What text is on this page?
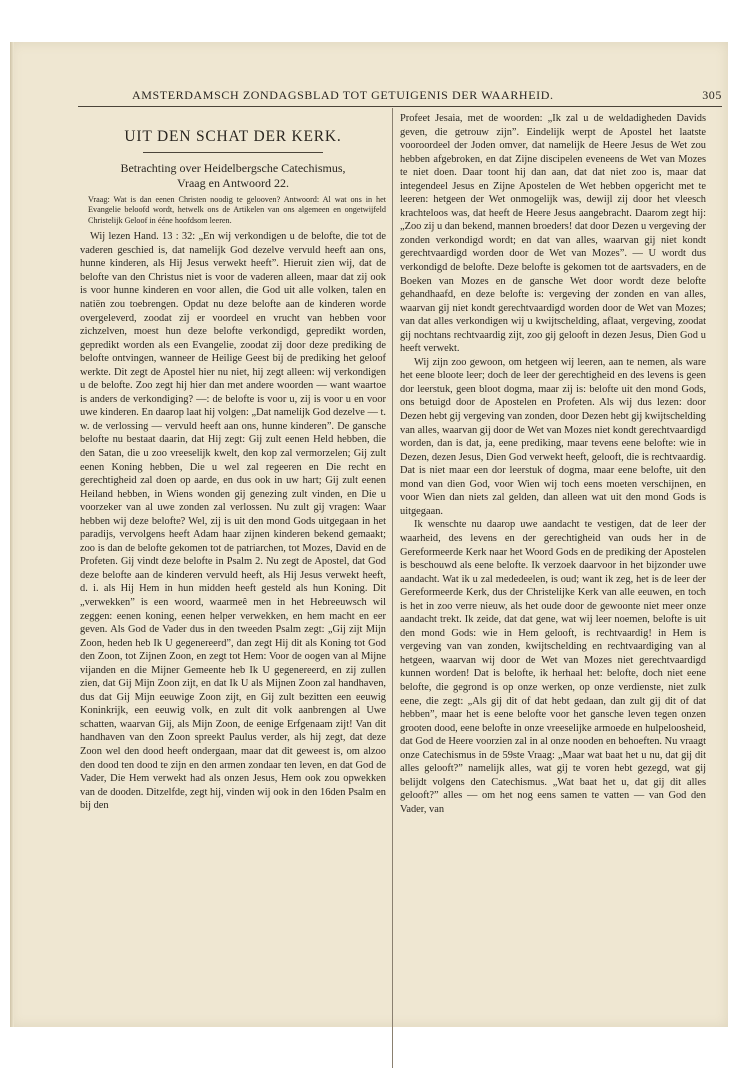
AMSTERDAMSCH ZONDAGSBLAD TOT GETUIGENIS DER WAARHEID.	305
UIT DEN SCHAT DER KERK.

Betrachting over Heidelbergsche Catechismus,

Vraag en Antwoord 22.

Vraag: Wat is dan eenen Christen noodig te gelooven? Antwoord: Al wat ons in het Evangelie beloofd wordt, hetwelk ons de Artikelen van ons algemeen en ongetwijfeld Christelijk Geloof in ééne hoofdsom leeren.

Wij lezen Hand. 13 : 32: „En wij verkondigen u de belofte, die tot de vaderen geschied is, dat namelijk God dezelve vervuld heeft aan ons, hunne kinderen, als Hij Jesus verwekt heeft”. Hieruit zien wij, dat de belofte van den Christus niet is voor de vaderen alleen, maar dat zij ook is voor hunne kinderen en voor allen, die God uit alle volken, talen en natiën zou toebrengen. Opdat nu deze belofte aan de kinderen worde overgeleverd, zoodat zij er voordeel en vrucht van hebben voor zichzelven, moest hun deze belofte verkondigd, gepredikt worden, gepredikt worden als een Evangelie, zoodat zij door deze prediking de belofte ontvingen, wanneer de Heilige Geest bij de prediking het geloof werkte. Dit zegt de Apostel hier nu niet, hij zegt alleen: wij verkondigen u de belofte. Zoo zegt hij hier dan met andere woorden — want waartoe is anders de verkondiging? —: de belofte is voor u, zij is voor u en voor uwe kinderen. En daarop laat hij volgen: „Dat namelijk God dezelve — t. w. de verlossing — vervuld heeft aan ons, hunne kinderen”. De gansche belofte nu bestaat daarin, dat Hij zegt: Gij zult eenen Held hebben, die den Satan, die u zoo vreeselijk kwelt, den kop zal vermorzelen; Gij zult eenen Koning hebben, Die u wel zal regeeren en Die recht en gerechtigheid zal doen op aarde, en dus ook in uw hart; Gij zult eenen Heiland hebben, in Wiens wonden gij genezing zult vinden, en Die u voorzeker van al uwe zonden zal verlossen. Nu zult gij vragen: Waar hebben wij deze belofte? Wel, zij is uit den mond Gods uitgegaan in het paradijs, vervolgens heeft Adam haar zijnen kinderen bekend gemaakt; zoo is dan de belofte gekomen tot de patriarchen, tot Mozes, David en de Profeten. Gij vindt deze belofte in Psalm 2. Nu zegt de Apostel, dat God deze belofte aan de kinderen vervuld heeft, als Hij Jesus verwekt heeft, d. i. als Hij Hem in hun midden heeft gesteld als hun Koning. Dit „verwekken” is een woord, waarmeê men in het Hebreeuwsch wil zeggen: eenen koning, eenen helper verwekken, en hem macht en eer geven. Als God de Vader dus in den tweeden Psalm zegt: „Gij zijt Mijn Zoon, heden heb Ik U gegenereerd”, dan zegt Hij dit als Koning tot God den Zoon, tot Zijnen Zoon, en zegt tot Hem: Voor de oogen van al Mijne vijanden en die Mijner Gemeente heb Ik U gegenereerd, en zij zullen zien, dat Gij Mijn Zoon zijt, en dat Ik U als Mijnen Zoon zal handhaven, dus dat Gij Mijn eeuwige Zoon zijt, en Gij zult bezitten een eeuwig Koninkrijk, een eeuwig volk, en zult dit volk aanbrengen al Uwe schatten, waarvan Gij, als Mijn Zoon, de eenige Erfgenaam zijt! Van dit handhaven van den Zoon spreekt Paulus verder, als hij zegt, dat deze Zoon wel den dood heeft ondergaan, maar dat dit geweest is, om alzoo den dood ten dood te zijn en den armen zondaar ten leven, en dat God de Vader, Die Hem verwekt had als onzen Jesus, Hem ook zou opwekken van de dooden. Ditzelfde, zegt hij, vinden wij ook in den 16den Psalm en bij den

Profeet Jesaia, met de woorden: „Ik zal u de weldadigheden Davids geven, die getrouw zijn”. Eindelijk werpt de Apostel het laatste vooroordeel der Joden omver, dat namelijk de Heere Jesus de Wet zou hebben afgebroken, en dat Zijne discipelen eveneens de Wet van Mozes te niet doen. Daar toont hij dan aan, dat dat niet zoo is, maar dat integendeel Jesus en Zijne Apostelen de Wet hebben opgericht met te leeren: hetgeen der Wet onmogelijk was, dewijl zij door het vleesch krachteloos was, dat heeft de Heere Jesus aangebracht. Daarom zegt hij: „Zoo zij u dan bekend, mannen broeders! dat door Dezen u vergeving der zonden verkondigd wordt; en dat van alles, waarvan gij niet kondt gerechtvaardigd worden door de Wet van Mozes”. — U wordt dus verkondigd de belofte. Deze belofte is gekomen tot de aartsvaders, en de Boeken van Mozes en de gansche Wet door wordt deze belofte gehandhaafd, en deze belofte is: vergeving der zonden en van alles, waarvan gij niet kondt gerechtvaardigd worden door de Wet van Mozes; van dat alles verkondigen wij u kwijtschelding, aflaat, vergeving, zoodat gij nochtans rechtvaardig zijt, zoo gij gelooft in dezen Jesus, Dien God u heeft verwekt.

Wij zijn zoo gewoon, om hetgeen wij leeren, aan te nemen, als ware het eene bloote leer; doch de leer der gerechtigheid en des levens is geen dor leerstuk, geen bloot dogma, maar zij is: belofte uit den mond Gods, ons betuigd door de Apostelen en Profeten. Als wij dus lezen: door Dezen hebt gij vergeving van zonden, door Dezen hebt gij kwijtschelding van alles, waarvan gij door de Wet van Mozes niet kondt gerechtvaardigd worden, dan is dat, ja, eene prediking, maar tevens eene belofte: wie in Dezen, dezen Jesus, Dien God verwekt heeft, gelooft, die is rechtvaardig. Dat is niet maar een dor leerstuk of dogma, maar eene belofte, uit den mond van dien God, voor Wien wij toch eens moeten verschijnen, en voor Wien dan niets zal gelden, dan alleen wat uit den mond Gods is uitgegaan.

Ik wenschte nu daarop uwe aandacht te vestigen, dat de leer der waarheid, des levens en der gerechtigheid van ouds her in de Gereformeerde Kerk naar het Woord Gods en de prediking der Apostelen is beschouwd als eene belofte. Ik verzoek daarvoor in het bijzonder uwe aandacht. Wat ik u zal mededeelen, is oud; want ik zeg, het is de leer der Gereformeerde Kerk, dus der Christelijke Kerk van alle eeuwen, en toch is het in zoo verre nieuw, als het oude door de gewoonte niet meer onze aandacht trekt. Ik zeide, dat dat gene, wat wij leer noemen, belofte is uit den mond Gods: wie in Hem gelooft, is rechtvaardig! in Hem is vergeving van van zonden, kwijtschelding en rechtvaardiging van al hetgeen, waarvan wij door de Wet van Mozes niet gerechtvaardigd kunnen worden! Dat is belofte, ik herhaal het: belofte, doch niet eene belofte, die gegrond is op onze werken, op onze verdienste, niet zulk eene, die zegt: „Als gij dit of dat hebt gedaan, dan zult gij dit of dat hebben”, maar het is eene belofte voor het gansche leven tegen onzen grooten dood, eene belofte in onze vreeselijke armoede en hulpeloosheid, dat God de Heere voorzien zal in al onze nooden en behoeften. Nu vraagt onze Catechismus in de 59ste Vraag: „Maar wat baat het u nu, dat gij dit alles gelooft?” namelijk alles, wat gij te voren hebt gezegd, wat gij belijdt volgens den Catechismus. „Wat baat het u, dat gij dit alles gelooft?” alles — om het nog eens samen te vatten — van God den Vader, van
